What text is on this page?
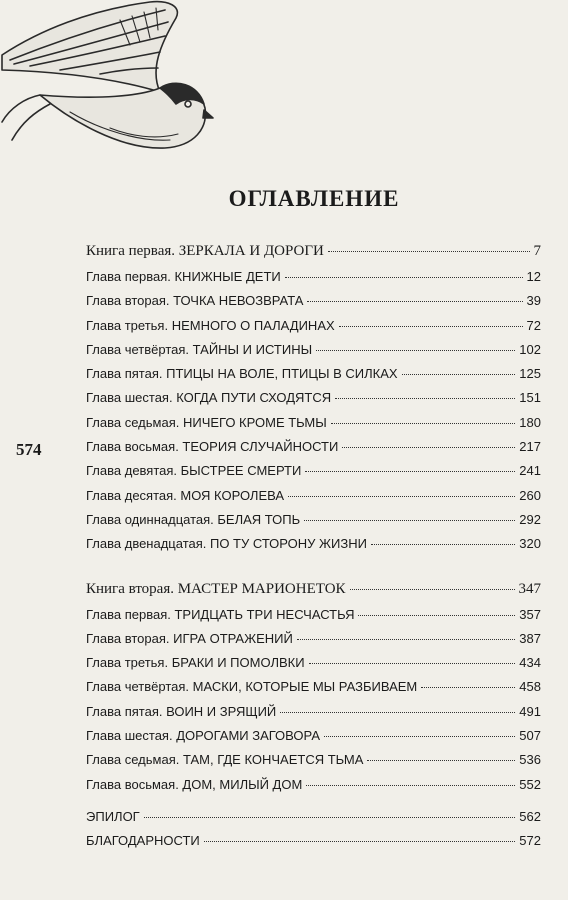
574
ОГЛАВЛЕНИЕ
Книга первая. ЗЕРКАЛА И ДОРОГИ	7
Глава первая. КНИЖНЫЕ ДЕТИ	12
Глава вторая. ТОЧКА НЕВОЗВРАТА	39
Глава третья. НЕМНОГО О ПАЛАДИНАХ	72
Глава четвёртая. ТАЙНЫ И ИСТИНЫ	102
Глава пятая. ПТИЦЫ НА ВОЛЕ, ПТИЦЫ В СИЛКАХ	125
Глава шестая. КОГДА ПУТИ СХОДЯТСЯ	151
Глава седьмая. НИЧЕГО КРОМЕ ТЬМЫ	180
Глава восьмая. ТЕОРИЯ СЛУЧАЙНОСТИ	217
Глава девятая. БЫСТРЕЕ СМЕРТИ	241
Глава десятая. МОЯ КОРОЛЕВА	260
Глава одиннадцатая. БЕЛАЯ ТОПЬ	292
Глава двенадцатая. ПО ТУ СТОРОНУ ЖИЗНИ	320
Книга вторая. МАСТЕР МАРИОНЕТОК	347
Глава первая. ТРИДЦАТЬ ТРИ НЕСЧАСТЬЯ	357
Глава вторая. ИГРА ОТРАЖЕНИЙ	387
Глава третья. БРАКИ И ПОМОЛВКИ	434
Глава четвёртая. МАСКИ, КОТОРЫЕ МЫ РАЗБИВАЕМ	458
Глава пятая. ВОИН И ЗРЯЩИЙ	491
Глава шестая. ДОРОГАМИ ЗАГОВОРА	507
Глава седьмая. ТАМ, ГДЕ КОНЧАЕТСЯ ТЬМА	536
Глава восьмая. ДОМ, МИЛЫЙ ДОМ	552
ЭПИЛОГ	562
БЛАГОДАРНОСТИ	572
